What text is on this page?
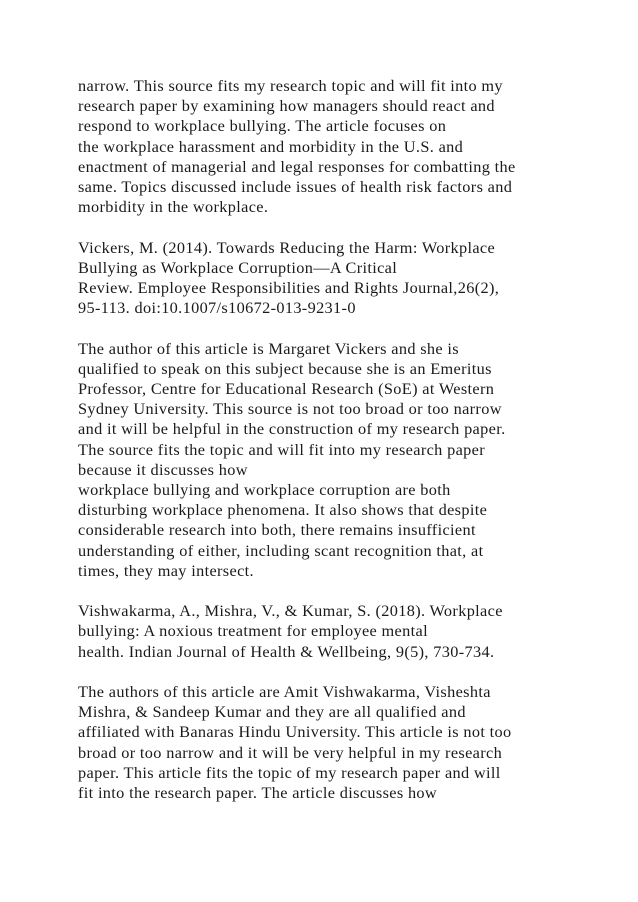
narrow. This source fits my research topic and will fit into my
research paper by examining how managers should react and
respond to workplace bullying. The article focuses on
the workplace harassment and morbidity in the U.S. and
enactment of managerial and legal responses for combatting the
same. Topics discussed include issues of health risk factors and
morbidity in the workplace.

Vickers, M. (2014). Towards Reducing the Harm: Workplace
Bullying as Workplace Corruption—A Critical
Review. Employee Responsibilities and Rights Journal,26(2),
95-113. doi:10.1007/s10672-013-9231-0

The author of this article is Margaret Vickers and she is
qualified to speak on this subject because she is an Emeritus
Professor, Centre for Educational Research (SoE) at Western
Sydney University. This source is not too broad or too narrow
and it will be helpful in the construction of my research paper.
The source fits the topic and will fit into my research paper
because it discusses how
workplace bullying and workplace corruption are both
disturbing workplace phenomena. It also shows that despite
considerable research into both, there remains insufficient
understanding of either, including scant recognition that, at
times, they may intersect.

Vishwakarma, A., Mishra, V., & Kumar, S. (2018). Workplace
bullying: A noxious treatment for employee mental
health. Indian Journal of Health & Wellbeing, 9(5), 730-734.

The authors of this article are Amit Vishwakarma, Visheshta
Mishra, & Sandeep Kumar and they are all qualified and
affiliated with Banaras Hindu University. This article is not too
broad or too narrow and it will be very helpful in my research
paper. This article fits the topic of my research paper and will
fit into the research paper. The article discusses how
